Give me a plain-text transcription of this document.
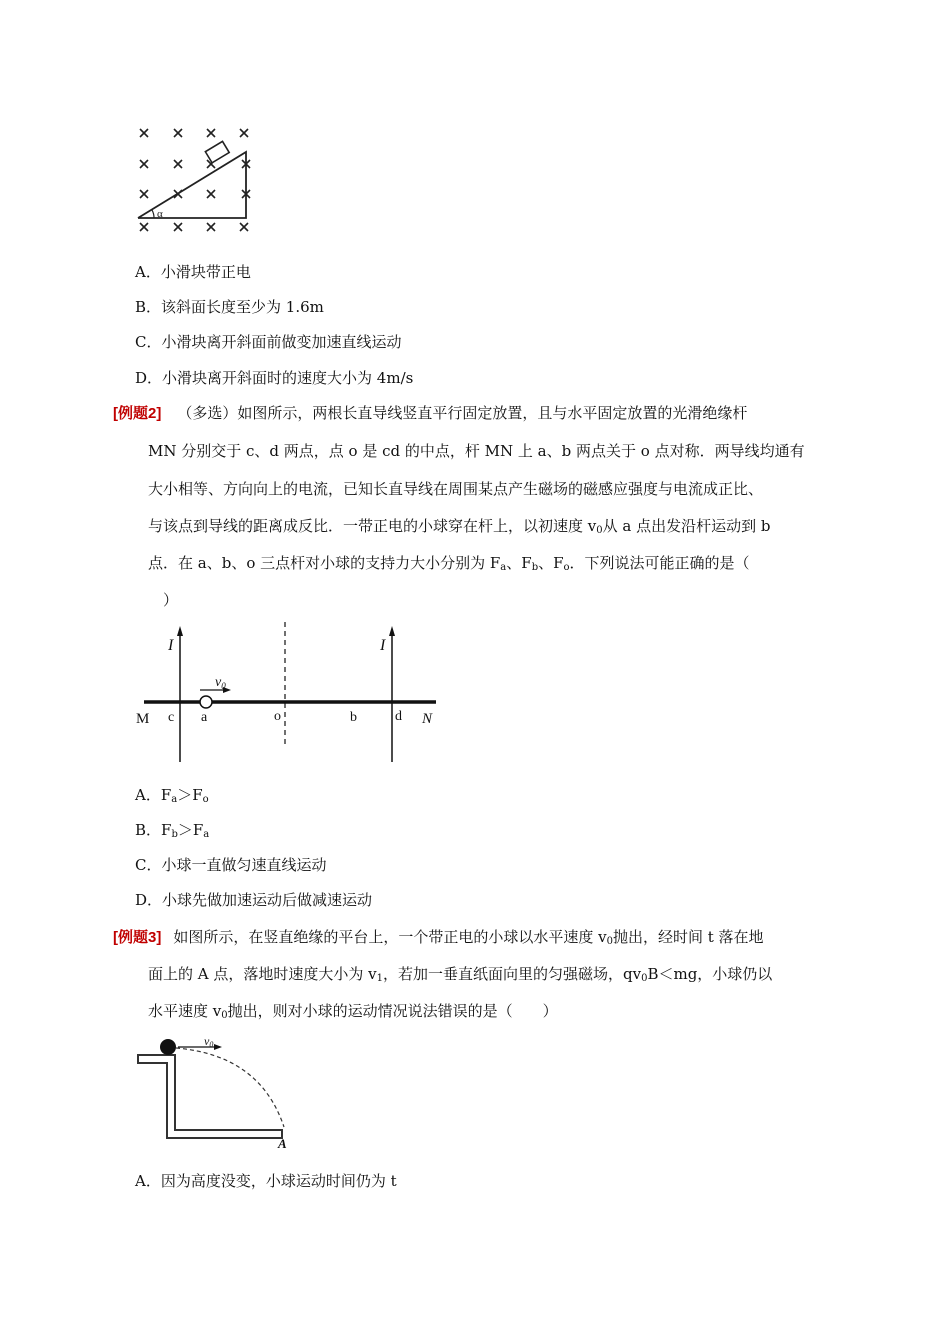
α
A．小滑块带正电
B．该斜面长度至少为 1.6m
C．小滑块离开斜面前做变加速直线运动
D．小滑块离开斜面时的速度大小为 4m/s
[例题2] （多选）如图所示，两根长直导线竖直平行固定放置，且与水平固定放置的光滑绝缘杆
MN 分别交于 c、d 两点，点 o 是 cd 的中点，杆 MN 上 a、b 两点关于 o 点对称．两导线均通有
大小相等、方向向上的电流，已知长直导线在周围某点产生磁场的磁感应强度与电流成正比、
与该点到导线的距离成反比．一带正电的小球穿在杆上，以初速度 $v_0$从 a 点出发沿杆运动到 b
点．在 a、b、o 三点杆对小球的支持力大小分别为 $F_a$、$F_b$、$F_o$．下列说法可能正确的是（
）
I	I
$v_0$
M c a	o	b	d N
A．$F_a>F_o$
B．$F_b>F_a$
C．小球一直做匀速直线运动
D．小球先做加速运动后做减速运动
[例题3] 如图所示，在竖直绝缘的平台上，一个带正电的小球以水平速度 $v_0$抛出，经时间 t 落在地
面上的 A 点，落地时速度大小为 $v_1$，若加一垂直纸面向里的匀强磁场，$qv_0B<mg$，小球仍以
水平速度 $v_0$抛出，则对小球的运动情况说法错误的是（　　）
v0
A
A．因为高度没变，小球运动时间仍为 t
